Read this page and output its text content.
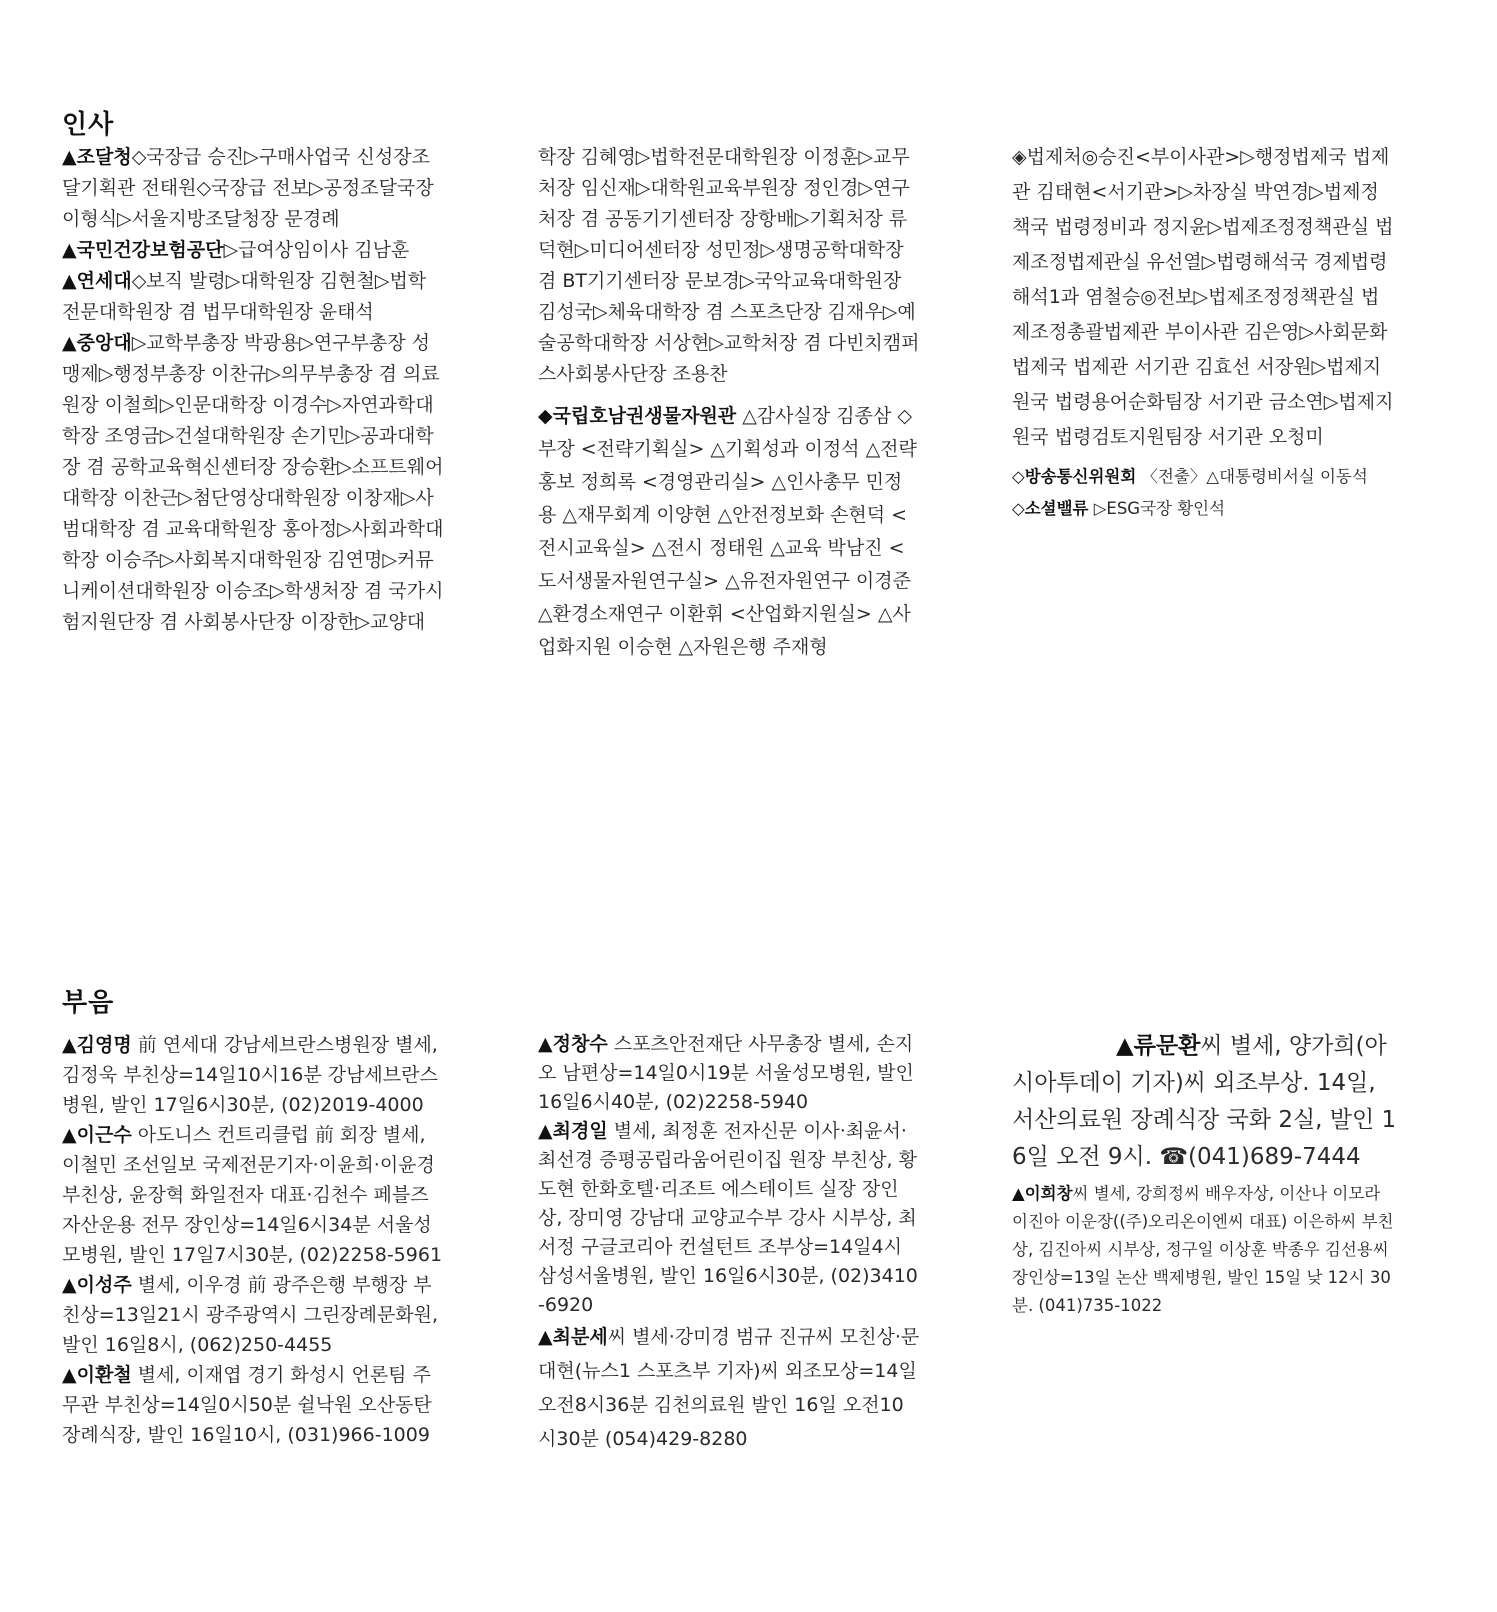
인사

▲조달청◇국장급 승진▷구매사업국 신성장조달기획관 전태원◇국장급 전보▷공정조달국장 이형식▷서울지방조달청장 문경례

▲국민건강보험공단▷급여상임이사 김남훈

▲연세대◇보직 발령▷대학원장 김현철▷법학전문대학원장 겸 법무대학원장 윤태석

▲중앙대▷교학부총장 박광용▷연구부총장 성맹제▷행정부총장 이찬규▷의무부총장 겸 의료원장 이철희▷인문대학장 이경수▷자연과학대학장 조영금▷건설대학원장 손기민▷공과대학장 겸 공학교육혁신센터장 장승환▷소프트웨어대학장 이찬근▷첨단영상대학원장 이창재▷사범대학장 겸 교육대학원장 홍아정▷사회과학대학장 이승주▷사회복지대학원장 김연명▷커뮤니케이션대학원장 이승조▷학생처장 겸 국가시험지원단장 겸 사회봉사단장 이장한▷교양대

학장 김혜영▷법학전문대학원장 이정훈▷교무처장 임신재▷대학원교육부원장 정인경▷연구처장 겸 공동기기센터장 장항배▷기획처장 류덕현▷미디어센터장 성민정▷생명공학대학장 겸 BT기기센터장 문보경▷국악교육대학원장 김성국▷체육대학장 겸 스포츠단장 김재우▷예술공학대학장 서상현▷교학처장 겸 다빈치캠퍼스사회봉사단장 조용찬

◆국립호남권생물자원관 △감사실장 김종삼 ◇부장 <전략기획실> △기획성과 이정석 △전략홍보 정희록 <경영관리실> △인사총무 민정용 △재무회계 이양현 △안전정보화 손현덕 <전시교육실> △전시 정태원 △교육 박남진 <도서생물자원연구실> △유전자원연구 이경준 △환경소재연구 이환휘 <산업화지원실> △사업화지원 이승현 △자원은행 주재형

◈법제처◎승진<부이사관>▷행정법제국 법제관 김태현<서기관>▷차장실 박연경▷법제정책국 법령정비과 정지윤▷법제조정정책관실 법제조정법제관실 유선열▷법령해석국 경제법령해석1과 염철승◎전보▷법제조정정책관실 법제조정총괄법제관 부이사관 김은영▷사회문화법제국 법제관 서기관 김효선 서장원▷법제지원국 법령용어순화팀장 서기관 금소연▷법제지원국 법령검토지원팀장 서기관 오청미

◇방송통신위원회 〈전출〉△대통령비서실 이동석

◇소셜밸류 ▷ESG국장 황인석

부음

▲김영명 前 연세대 강남세브란스병원장 별세, 김정욱 부친상=14일10시16분 강남세브란스병원, 발인 17일6시30분, (02)2019-4000

▲이근수 아도니스 컨트리클럽 前 회장 별세, 이철민 조선일보 국제전문기자·이윤희·이윤경 부친상, 윤장혁 화일전자 대표·김천수 페블즈자산운용 전무 장인상=14일6시34분 서울성모병원, 발인 17일7시30분, (02)2258-5961

▲이성주 별세, 이우경 前 광주은행 부행장 부친상=13일21시 광주광역시 그린장례문화원, 발인 16일8시, (062)250-4455

▲이환철 별세, 이재엽 경기 화성시 언론팀 주무관 부친상=14일0시50분 쉴낙원 오산동탄장례식장, 발인 16일10시, (031)966-1009

▲정창수 스포츠안전재단 사무총장 별세, 손지오 남편상=14일0시19분 서울성모병원, 발인 16일6시40분, (02)2258-5940

▲최경일 별세, 최정훈 전자신문 이사·최윤서·최선경 증평공립라움어린이집 원장 부친상, 황도현 한화호텔·리조트 에스테이트 실장 장인상, 장미영 강남대 교양교수부 강사 시부상, 최서정 구글코리아 컨설턴트 조부상=14일4시 삼성서울병원, 발인 16일6시30분, (02)3410-6920

▲최분세씨 별세·강미경 범규 진규씨 모친상·문대현(뉴스1 스포츠부 기자)씨 외조모상=14일 오전8시36분 김천의료원 발인 16일 오전10시30분 (054)429-8280

▲류문환씨 별세, 양가희(아시아투데이 기자)씨 외조부상. 14일, 서산의료원 장례식장 국화 2실, 발인 16일 오전 9시. ☎(041)689-7444

▲이희창씨 별세, 강희정씨 배우자상, 이산나 이모라 이진아 이운장((주)오리온이엔씨 대표) 이은하씨 부친상, 김진아씨 시부상, 정구일 이상훈 박종우 김선용씨 장인상=13일 논산 백제병원, 발인 15일 낮 12시 30분. (041)735-1022
